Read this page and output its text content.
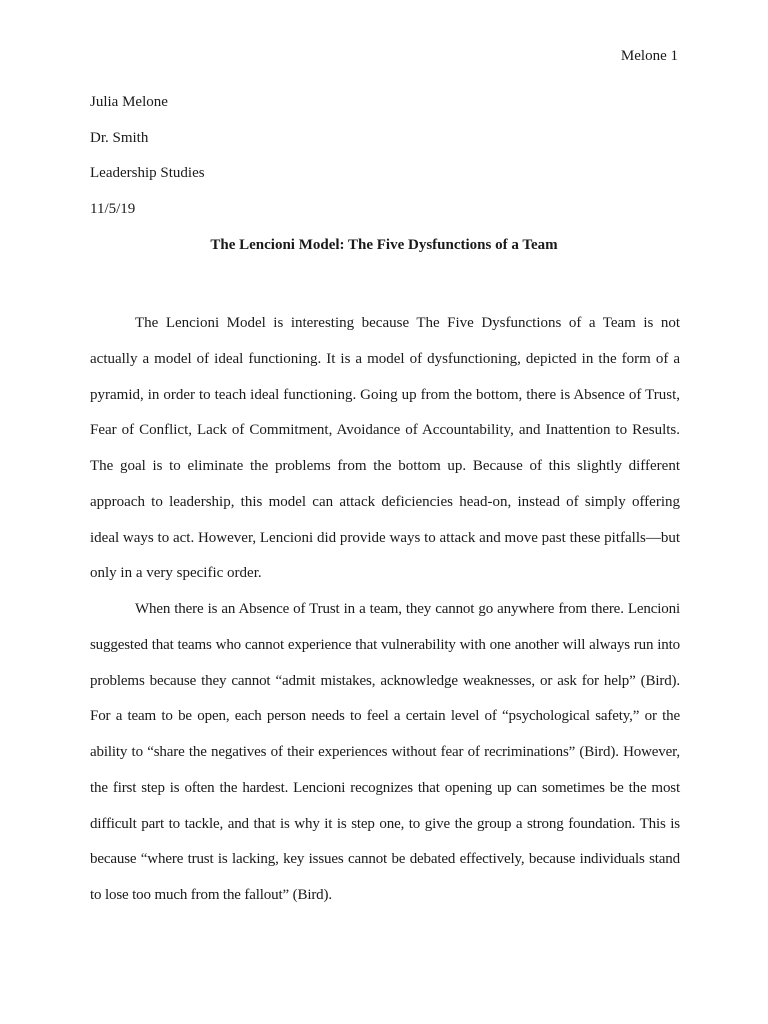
Melone 1
Julia Melone
Dr. Smith
Leadership Studies
11/5/19
The Lencioni Model: The Five Dysfunctions of a Team

The Lencioni Model is interesting because The Five Dysfunctions of a Team is not actually a model of ideal functioning. It is a model of dysfunctioning, depicted in the form of a pyramid, in order to teach ideal functioning. Going up from the bottom, there is Absence of Trust, Fear of Conflict, Lack of Commitment, Avoidance of Accountability, and Inattention to Results. The goal is to eliminate the problems from the bottom up. Because of this slightly different approach to leadership, this model can attack deficiencies head-on, instead of simply offering ideal ways to act. However, Lencioni did provide ways to attack and move past these pitfalls—but only in a very specific order.

When there is an Absence of Trust in a team, they cannot go anywhere from there. Lencioni suggested that teams who cannot experience that vulnerability with one another will always run into problems because they cannot “admit mistakes, acknowledge weaknesses, or ask for help” (Bird). For a team to be open, each person needs to feel a certain level of “psychological safety,” or the ability to “share the negatives of their experiences without fear of recriminations” (Bird). However, the first step is often the hardest. Lencioni recognizes that opening up can sometimes be the most difficult part to tackle, and that is why it is step one, to give the group a strong foundation. This is because “where trust is lacking, key issues cannot be debated effectively, because individuals stand to lose too much from the fallout” (Bird).
